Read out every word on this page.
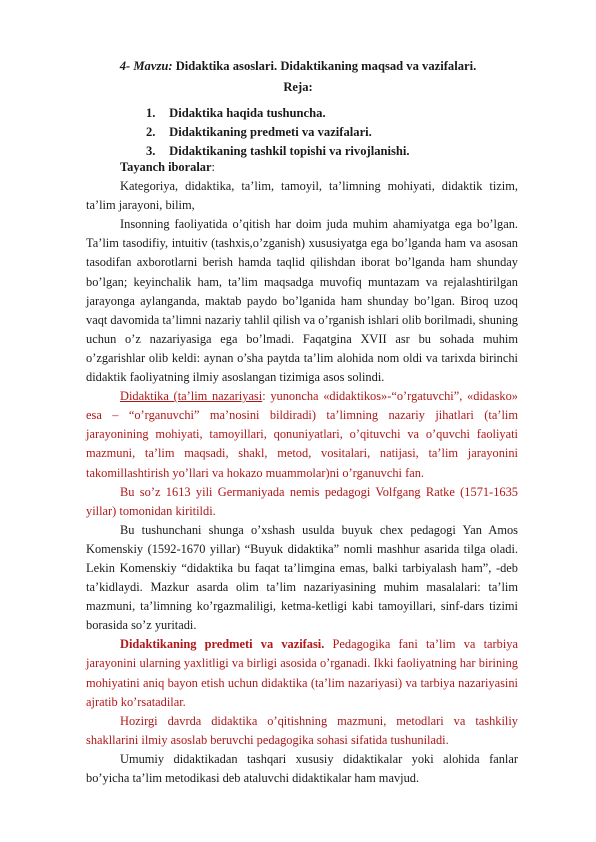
4- Mavzu: Didaktika asoslari. Didaktikaning maqsad va vazifalari.
Reja:
1. Didaktika haqida tushuncha.
2. Didaktikaning predmeti va vazifalari.
3. Didaktikaning tashkil topishi va rivojlanishi.

Tayanch iboralar:

Kategoriya, didaktika, ta’lim, tamoyil, ta’limning mohiyati, didaktik tizim, ta’lim jarayoni, bilim,

Insonning faoliyatida o’qitish har doim juda muhim ahamiyatga ega bo’lgan. Ta’lim tasodifiy, intuitiv (tashxis,o’zganish) xususiyatga ega bo’lganda ham va asosan tasodifan axborotlarni berish hamda taqlid qilishdan iborat bo’lganda ham shunday bo’lgan; keyinchalik ham, ta’lim maqsadga muvofiq muntazam va rejalashtirilgan jarayonga aylanganda, maktab paydo bo’lganida ham shunday bo’lgan. Biroq uzoq vaqt davomida ta’limni nazariy tahlil qilish va o’rganish ishlari olib borilmadi, shuning uchun o’z nazariyasiga ega bo’lmadi. Faqatgina XVII asr bu sohada muhim o’zgarishlar olib keldi: aynan o’sha paytda ta’lim alohida nom oldi va tarixda birinchi didaktik faoliyatning ilmiy asoslangan tizimiga asos solindi.

Didaktika (ta’lim nazariyasi: yunoncha «didaktikos»-“o’rgatuvchi”, «didasko» esa – “o’rganuvchi” ma’nosini bildiradi) ta’limning nazariy jihatlari (ta’lim jarayonining mohiyati, tamoyillari, qonuniyatlari, o’qituvchi va o’quvchi faoliyati mazmuni, ta’lim maqsadi, shakl, metod, vositalari, natijasi, ta’lim jarayonini takomillashtirish yo’llari va hokazo muammolar)ni o’rganuvchi fan.

Bu so’z 1613 yili Germaniyada nemis pedagogi Volfgang Ratke (1571-1635 yillar) tomonidan kiritildi.

Bu tushunchani shunga o’xshash usulda buyuk chex pedagogi Yan Amos Komenskiy (1592-1670 yillar) “Buyuk didaktika” nomli mashhur asarida tilga oladi. Lekin Komenskiy “didaktika bu faqat ta’limgina emas, balki tarbiyalash ham”, -deb ta’kidlaydi. Mazkur asarda olim ta’lim nazariyasining muhim masalalari: ta’lim mazmuni, ta’limning ko’rgazmaliligi, ketma-ketligi kabi tamoyillari, sinf-dars tizimi borasida so’z yuritadi.

Didaktikaning predmeti va vazifasi. Pedagogika fani ta’lim va tarbiya jarayonini ularning yaxlitligi va birligi asosida o’rganadi. Ikki faoliyatning har birining mohiyatini aniq bayon etish uchun didaktika (ta’lim nazariyasi) va tarbiya nazariyasini ajratib ko’rsatadilar.

Hozirgi davrda didaktika o’qitishning mazmuni, metodlari va tashkiliy shakllarini ilmiy asoslab beruvchi pedagogika sohasi sifatida tushuniladi.

Umumiy didaktikadan tashqari xususiy didaktikalar yoki alohida fanlar bo’yicha ta’lim metodikasi deb ataluvchi didaktikalar ham mavjud.
